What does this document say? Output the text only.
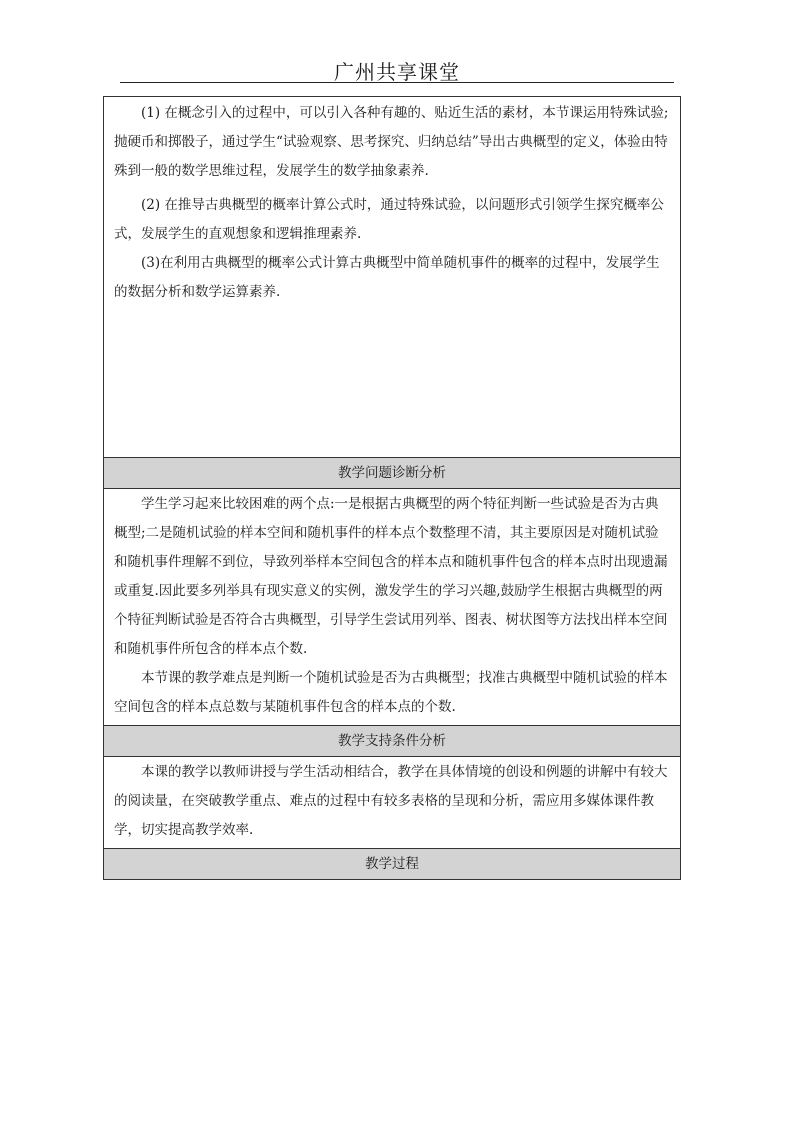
广州共享课堂

(1) 在概念引入的过程中，可以引入各种有趣的、贴近生活的素材，本节课运用特殊试验;抛硬币和掷骰子，通过学生“试验观察、思考探究、归纳总结”导出古典概型的定义，体验由特殊到一般的数学思维过程，发展学生的数学抽象素养.

(2) 在推导古典概型的概率计算公式时，通过特殊试验，以问题形式引领学生探究概率公式，发展学生的直观想象和逻辑推理素养.

(3)在利用古典概型的概率公式计算古典概型中简单随机事件的概率的过程中，发展学生的数据分析和数学运算素养.

教学问题诊断分析

学生学习起来比较困难的两个点:一是根据古典概型的两个特征判断一些试验是否为古典概型;二是随机试验的样本空间和随机事件的样本点个数整理不清，其主要原因是对随机试验和随机事件理解不到位，导致列举样本空间包含的样本点和随机事件包含的样本点时出现遗漏或重复.因此要多列举具有现实意义的实例，激发学生的学习兴趣,鼓励学生根据古典概型的两个特征判断试验是否符合古典概型，引导学生尝试用列举、图表、树状图等方法找出样本空间和随机事件所包含的样本点个数.

本节课的教学难点是判断一个随机试验是否为古典概型；找准古典概型中随机试验的样本空间包含的样本点总数与某随机事件包含的样本点的个数.

教学支持条件分析

本课的教学以教师讲授与学生活动相结合，教学在具体情境的创设和例题的讲解中有较大的阅读量，在突破教学重点、难点的过程中有较多表格的呈现和分析，需应用多媒体课件教学，切实提高教学效率.

教学过程
